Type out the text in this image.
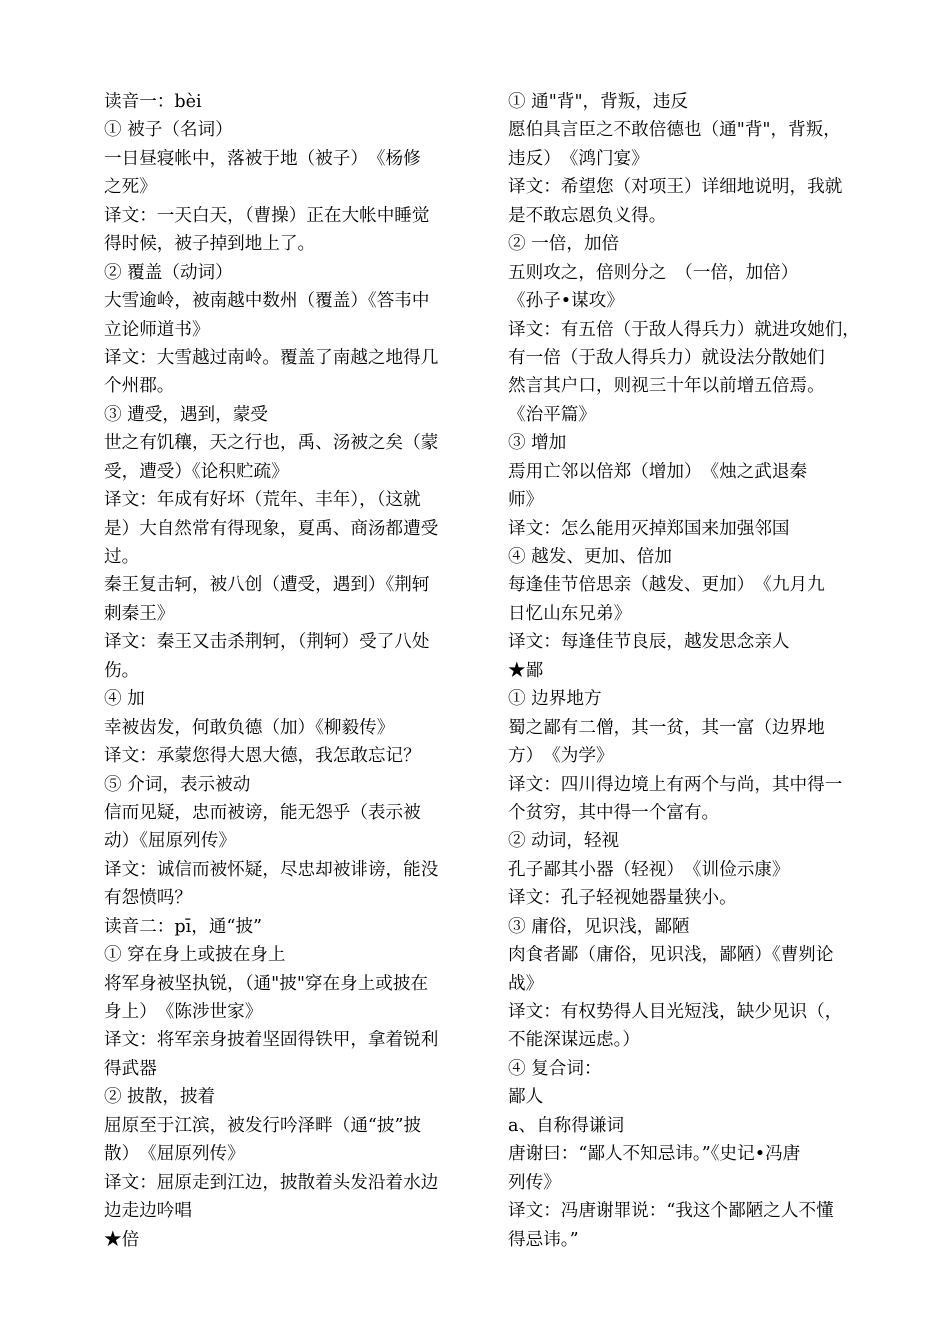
读音一：bèi
① 被子（名词）
一日昼寝帐中，落被于地（被子）　《杨修
之死》
译文：一天白天，（曹操）正在大帐中睡觉
得时候，被子掉到地上了。
② 覆盖（动词）
大雪逾岭，被南越中数州（覆盖）《答韦中
立论师道书》
译文：大雪越过南岭。覆盖了南越之地得几
个州郡。
③ 遭受，遇到，蒙受
世之有饥穰，天之行也，禹、汤被之矣（蒙
受，遭受）《论积贮疏》
译文：年成有好坏（荒年、丰年），（这就
是）大自然常有得现象，夏禹、商汤都遭受
过。
秦王复击轲，被八创（遭受，遇到）《荆轲
刺秦王》
译文：秦王又击杀荆轲，（荆轲）受了八处
伤。
④ 加
幸被齿发，何敢负德（加）《柳毅传》
译文：承蒙您得大恩大德，我怎敢忘记？
⑤ 介词，表示被动
信而见疑，忠而被谤，能无怨乎（表示被
动）《屈原列传》
译文：诚信而被怀疑，尽忠却被诽谤，能没
有怨愤吗？
读音二：pī，通“披”
① 穿在身上或披在身上
将军身被坚执锐，（通"披"穿在身上或披在
身上）　《陈涉世家》
译文：将军亲身披着坚固得铁甲，拿着锐利
得武器
② 披散，披着
屈原至于江滨，被发行吟泽畔（通“披”披
散）　《屈原列传》
译文：屈原走到江边，披散着头发沿着水边
边走边吟唱
★倍
① 通"背"，背叛，违反
愿伯具言臣之不敢倍德也（通"背"，背叛，
违反）　《鸿门宴》
译文：希望您（对项王）详细地说明，我就
是不敢忘恩负义得。
② 一倍，加倍
五则攻之，倍则分之　（一倍，加倍）
《孙子•谋攻》
译文：有五倍（于敌人得兵力）就进攻她们，
有一倍（于敌人得兵力）就设法分散她们
然言其户口，则视三十年以前增五倍焉。
《治平篇》
③ 增加
焉用亡邻以倍郑（增加）　《烛之武退秦
师》
译文：怎么能用灭掉郑国来加强邻国
④ 越发、更加、倍加
每逢佳节倍思亲（越发、更加）　《九月九
日忆山东兄弟》
译文：每逢佳节良辰，越发思念亲人
★鄙
① 边界地方
蜀之鄙有二僧，其一贫，其一富（边界地
方）　《为学》
译文：四川得边境上有两个与尚，其中得一
个贫穷，其中得一个富有。
② 动词，轻视
孔子鄙其小器（轻视）　《训俭示康》
译文：孔子轻视她器量狭小。
③ 庸俗，见识浅，鄙陋
肉食者鄙（庸俗，见识浅，鄙陋）《曹刿论
战》
译文：有权势得人目光短浅，缺少见识（，
不能深谋远虑。）
④ 复合词：
鄙人
a、自称得谦词
唐谢曰：“鄙人不知忌讳。”《史记•冯唐
列传》
译文：冯唐谢罪说：“我这个鄙陋之人不懂
得忌讳。”
